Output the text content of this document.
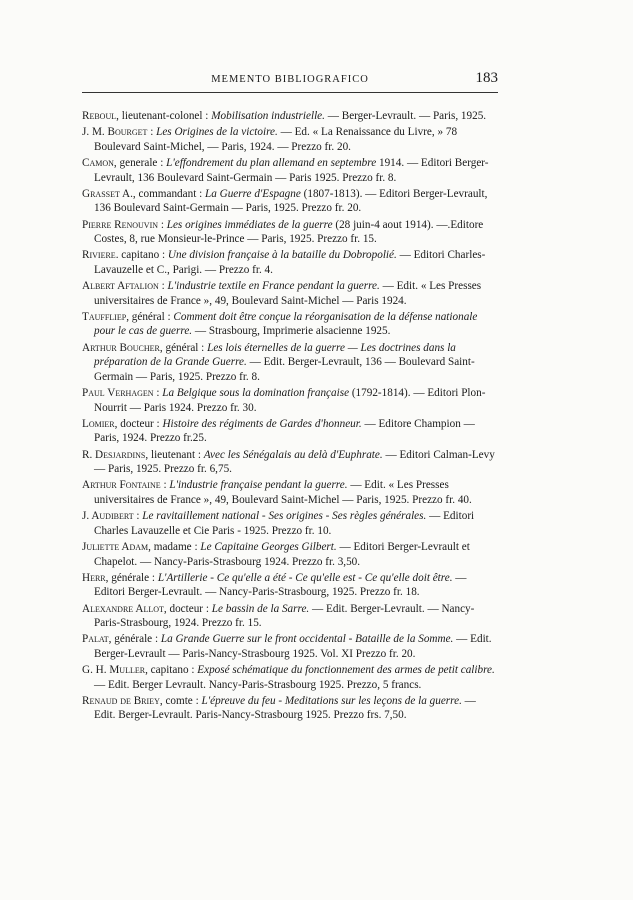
MEMENTO BIBLIOGRAFICO	183

Reboul, lieutenant-colonel : Mobilisation industrielle. — Berger-Levrault. — Paris, 1925.

J. M. Bourget : Les Origines de la victoire. — Ed. « La Renaissance du Livre, » 78 Boulevard Saint-Michel, — Paris, 1924. — Prezzo fr. 20.

Camon, generale : L'effondrement du plan allemand en septembre 1914. — Editori Berger-Levrault, 136 Boulevard Saint-Germain — Paris 1925. Prezzo fr. 8.

Grasset A., commandant : La Guerre d'Espagne (1807-1813). — Editori Berger-Levrault, 136 Boulevard Saint-Germain — Paris, 1925. Prezzo fr. 20.

Pierre Renouvin : Les origines immédiates de la guerre (28 juin-4 aout 1914). —.Editore Costes, 8, rue Monsieur-le-Prince — Paris, 1925. Prezzo fr. 15.

Riviere. capitano : Une division française à la bataille du Dobropolié. — Editori Charles-Lavauzelle et C., Parigi. — Prezzo fr. 4.

Albert Aftalion : L'industrie textile en France pendant la guerre. — Edit. « Les Presses universitaires de France », 49, Boulevard Saint-Michel — Paris 1924.

Tauffliер, général : Comment doit être conçue la réorganisation de la défense nationale pour le cas de guerre. — Strasbourg, Imprimerie alsacienne 1925.

Arthur Boucher, général : Les lois éternelles de la guerre — Les doctrines dans la préparation de la Grande Guerre. — Edit. Berger-Levrault, 136 — Boulevard Saint-Germain — Paris, 1925. Prezzo fr. 8.

Paul Verhagen : La Belgique sous la domination française (1792-1814). — Editori Plon-Nourrit — Paris 1924. Prezzo fr. 30.

Lomier, docteur : Histoire des régiments de Gardes d'honneur. — Editore Champion — Paris, 1924. Prezzo fr.25.

R. Desjardins, lieutenant : Avec les Sénégalais au delà d'Euphrate. — Editori Calman-Levy — Paris, 1925. Prezzo fr. 6,75.

Arthur Fontaine : L'industrie française pendant la guerre. — Edit. « Les Presses universitaires de France », 49, Boulevard Saint-Michel — Paris, 1925. Prezzo fr. 40.

J. Audibert : Le ravitaillement national - Ses origines - Ses règles générales. — Editori Charles Lavauzelle et Cie Paris - 1925. Prezzo fr. 10.

Juliette Adam, madame : Le Capitaine Georges Gilbert. — Editori Berger-Levrault et Chapelot. — Nancy-Paris-Strasbourg 1924. Prezzo fr. 3,50.

Herr, générale : L'Artillerie - Ce qu'elle a été - Ce qu'elle est - Ce qu'elle doit être. — Editori Berger-Levrault. — Nancy-Paris-Strasbourg, 1925. Prezzo fr. 18.

Alexandre Allot, docteur : Le bassin de la Sarre. — Edit. Berger-Levrault. — Nancy-Paris-Strasbourg, 1924. Prezzo fr. 15.

Palat, générale : La Grande Guerre sur le front occidental - Bataille de la Somme. — Edit. Berger-Levrault — Paris-Nancy-Strasbourg 1925. Vol. XI Prezzo fr. 20.

G. H. Muller, capitano : Exposé schématique du fonctionnement des armes de petit calibre. — Edit. Berger Levrault. Nancy-Paris-Strasbourg 1925. Prezzo, 5 francs.

Renaud de Briey, comte : L'épreuve du feu - Meditations sur les leçons de la guerre. — Edit. Berger-Levrault. Paris-Nancy-Strasbourg 1925. Prezzo frs. 7,50.
